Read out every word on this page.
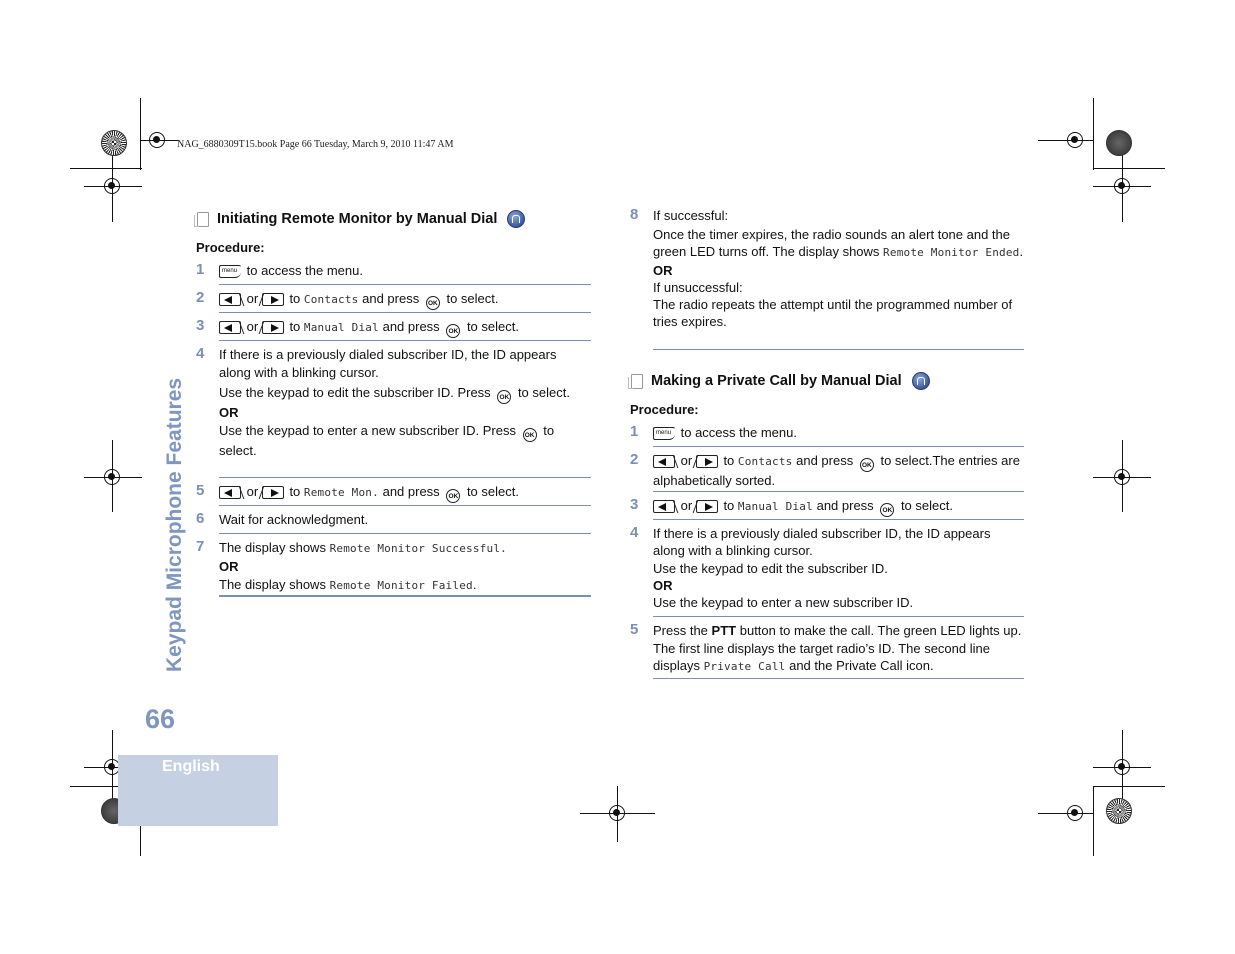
NAG_6880309T15.book Page 66 Tuesday, March 9, 2010 11:47 AM
Keypad Microphone Features
66
English
Initiating Remote Monitor by Manual Dial
Procedure:
1 menu	to access the menu.
2	or to Contacts and press OK to select.
3	or to Manual Dial and press OK to select.
4 If there is a previously dialed subscriber ID, the ID appears along with a blinking cursor.
Use the keypad to edit the subscriber ID. Press OK to select.
OR
Use the keypad to enter a new subscriber ID. Press OK to select.
5	or to Remote Mon. and press OK to select.
6 Wait for acknowledgment.
7 The display shows Remote Monitor Successful.
OR
The display shows Remote Monitor Failed.
8 If successful:
Once the timer expires, the radio sounds an alert tone and the green LED turns off. The display shows Remote Monitor Ended.
OR
If unsuccessful:
The radio repeats the attempt until the programmed number of tries expires.
Making a Private Call by Manual Dial
Procedure:
1 menu	to access the menu.
2	or to Contacts and press OK to select.The entries are alphabetically sorted.
3	or to Manual Dial and press OK to select.
4 If there is a previously dialed subscriber ID, the ID appears along with a blinking cursor.
Use the keypad to edit the subscriber ID.
OR
Use the keypad to enter a new subscriber ID.
5 Press the PTT button to make the call. The green LED lights up. The first line displays the target radio’s ID. The second line displays Private Call and the Private Call icon.
